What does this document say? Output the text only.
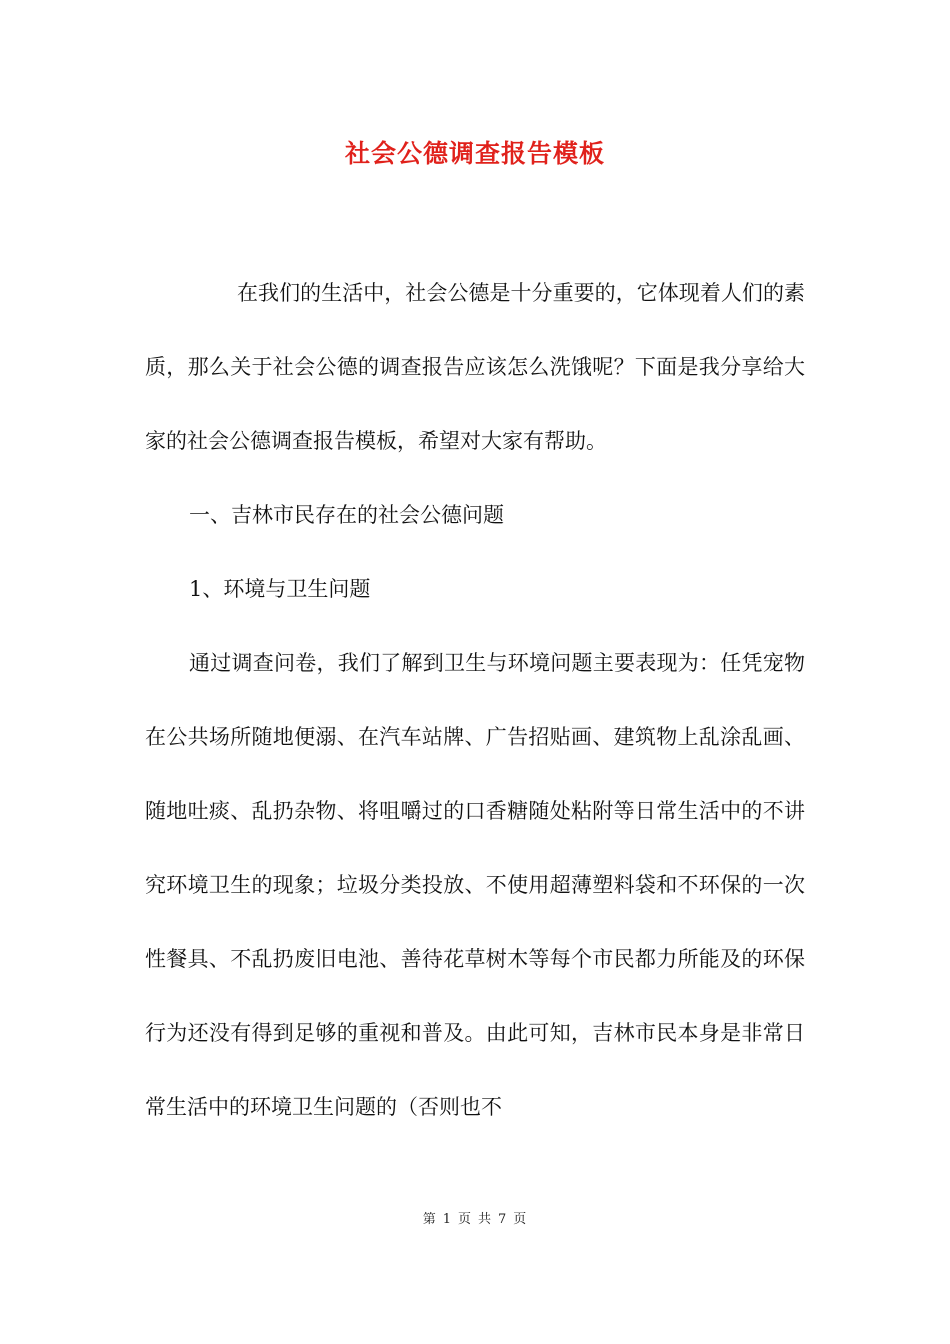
社会公德调查报告模板
在我们的生活中，社会公德是十分重要的，它体现着人们的素质，那么关于社会公德的调查报告应该怎么洗饿呢？下面是我分享给大家的社会公德调查报告模板，希望对大家有帮助。
一、吉林市民存在的社会公德问题
1、环境与卫生问题
通过调查问卷，我们了解到卫生与环境问题主要表现为：任凭宠物在公共场所随地便溺、在汽车站牌、广告招贴画、建筑物上乱涂乱画、随地吐痰、乱扔杂物、将咀嚼过的口香糖随处粘附等日常生活中的不讲究环境卫生的现象；垃圾分类投放、不使用超薄塑料袋和不环保的一次性餐具、不乱扔废旧电池、善待花草树木等每个市民都力所能及的环保行为还没有得到足够的重视和普及。由此可知，吉林市民本身是非常日常生活中的环境卫生问题的（否则也不
第 1 页 共 7 页
